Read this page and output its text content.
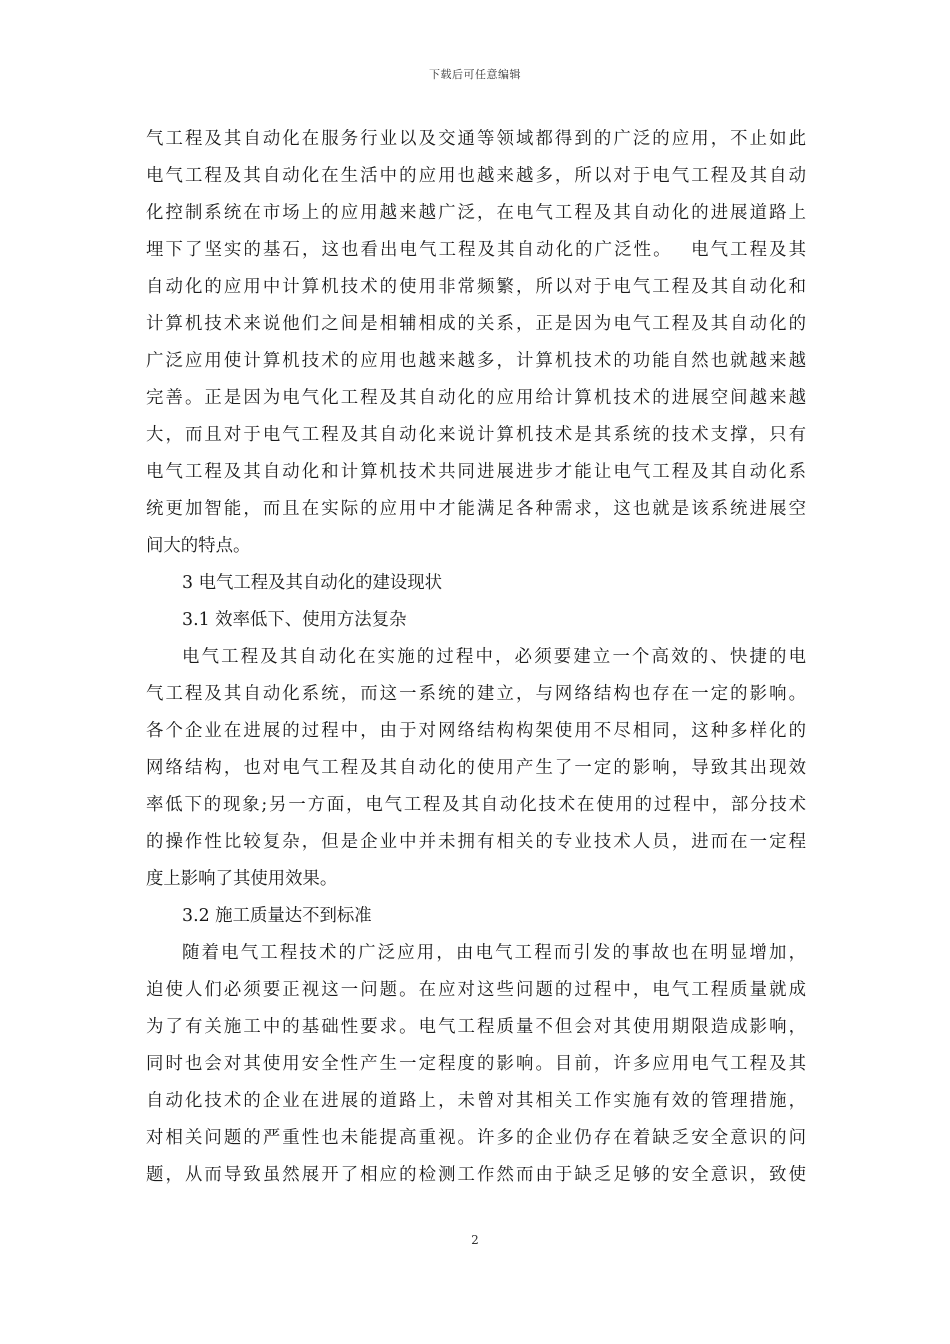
下载后可任意编辑
气工程及其自动化在服务行业以及交通等领域都得到的广泛的应用，不止如此
电气工程及其自动化在生活中的应用也越来越多，所以对于电气工程及其自动
化控制系统在市场上的应用越来越广泛，在电气工程及其自动化的进展道路上
埋下了坚实的基石，这也看出电气工程及其自动化的广泛性。　 电气工程及其
自动化的应用中计算机技术的使用非常频繁，所以对于电气工程及其自动化和
计算机技术来说他们之间是相辅相成的关系，正是因为电气工程及其自动化的
广泛应用使计算机技术的应用也越来越多，计算机技术的功能自然也就越来越
完善。正是因为电气化工程及其自动化的应用给计算机技术的进展空间越来越
大，而且对于电气工程及其自动化来说计算机技术是其系统的技术支撑，只有
电气工程及其自动化和计算机技术共同进展进步才能让电气工程及其自动化系
统更加智能，而且在实际的应用中才能满足各种需求，这也就是该系统进展空
间大的特点。
3 电气工程及其自动化的建设现状
3.1 效率低下、使用方法复杂
电气工程及其自动化在实施的过程中，必须要建立一个高效的、快捷的电
气工程及其自动化系统，而这一系统的建立，与网络结构也存在一定的影响。
各个企业在进展的过程中，由于对网络结构构架使用不尽相同，这种多样化的
网络结构，也对电气工程及其自动化的使用产生了一定的影响，导致其出现效
率低下的现象;另一方面，电气工程及其自动化技术在使用的过程中，部分技术
的操作性比较复杂，但是企业中并未拥有相关的专业技术人员，进而在一定程
度上影响了其使用效果。
3.2 施工质量达不到标准
随着电气工程技术的广泛应用，由电气工程而引发的事故也在明显增加，
迫使人们必须要正视这一问题。在应对这些问题的过程中，电气工程质量就成
为了有关施工中的基础性要求。电气工程质量不但会对其使用期限造成影响，
同时也会对其使用安全性产生一定程度的影响。目前，许多应用电气工程及其
自动化技术的企业在进展的道路上，未曾对其相关工作实施有效的管理措施，
对相关问题的严重性也未能提高重视。许多的企业仍存在着缺乏安全意识的问
题，从而导致虽然展开了相应的检测工作然而由于缺乏足够的安全意识，致使
2
